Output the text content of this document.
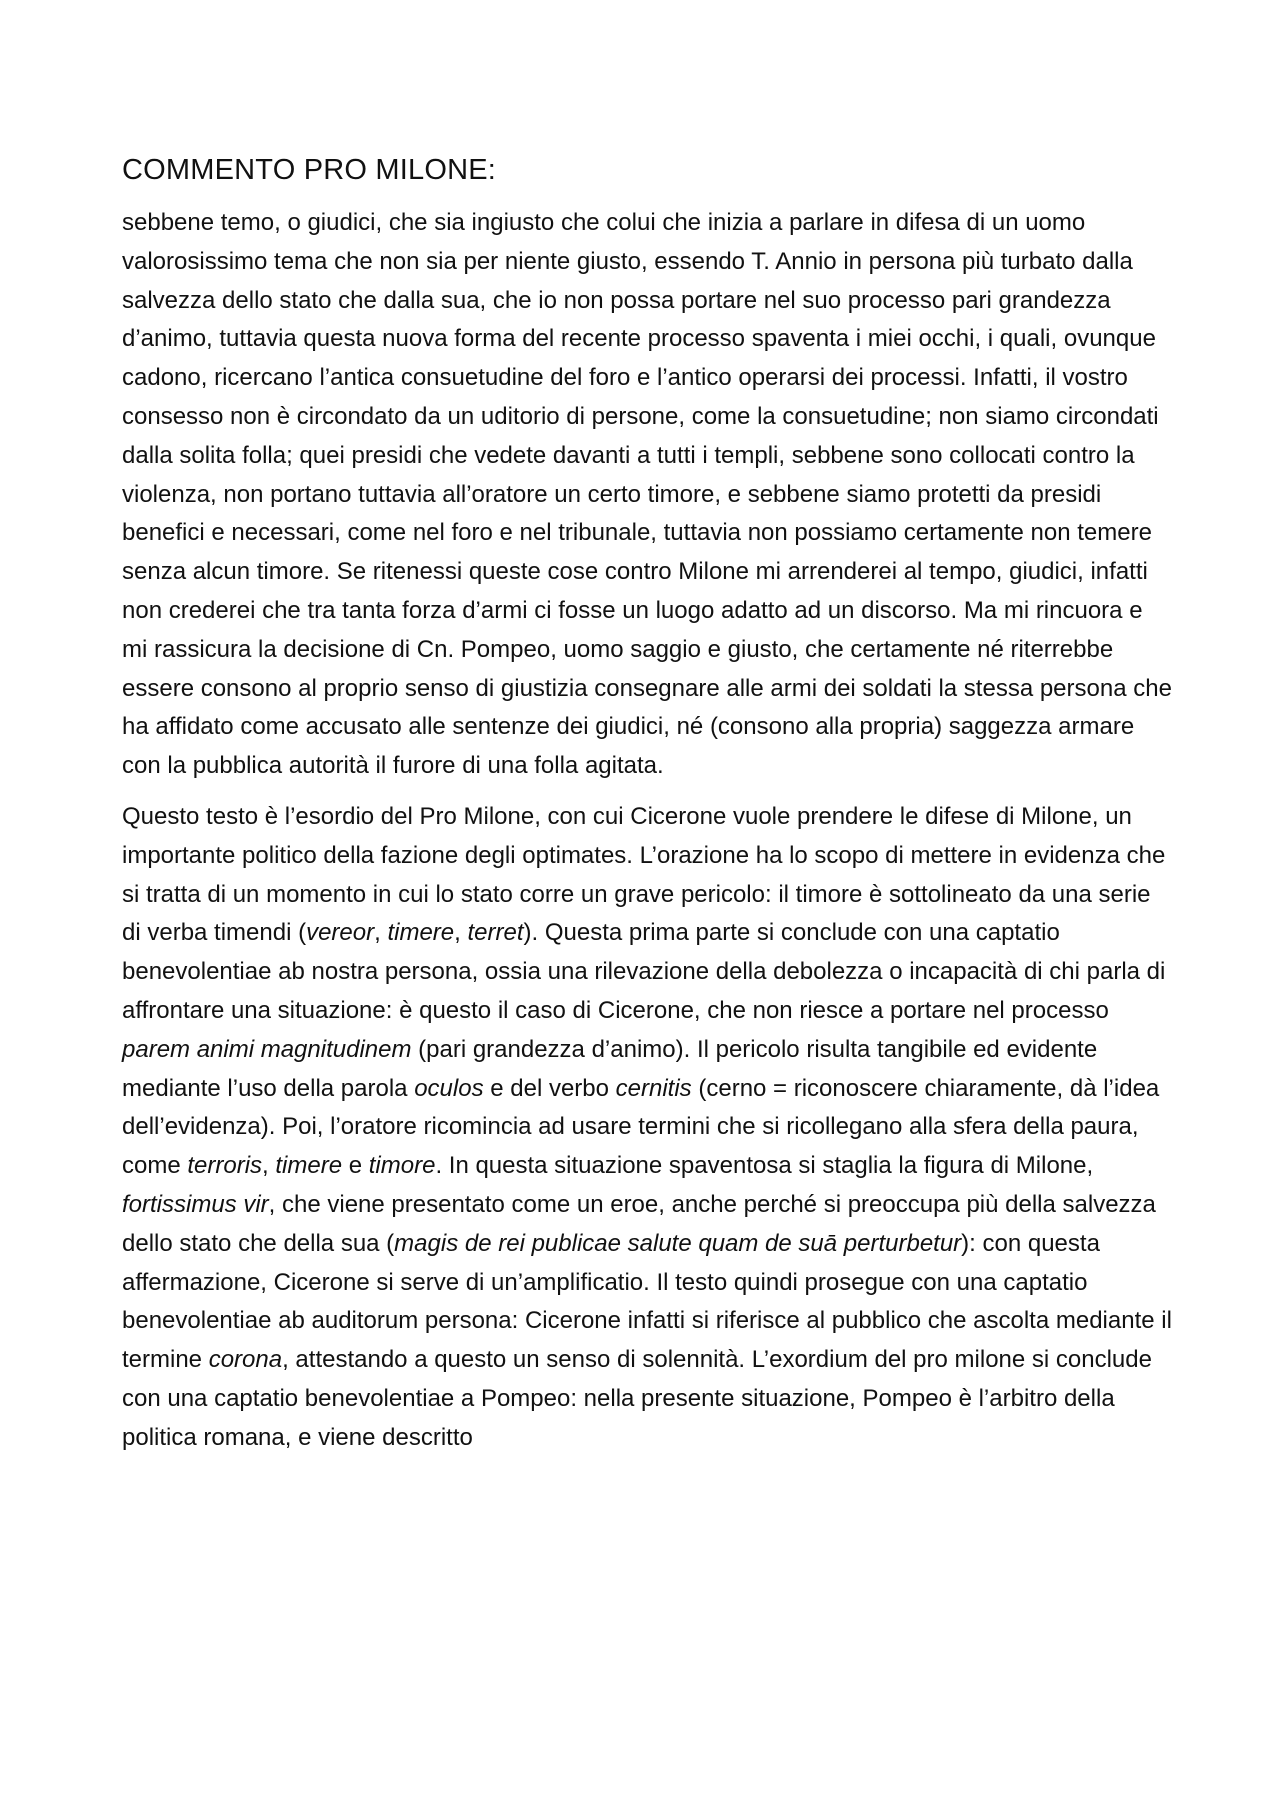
COMMENTO PRO MILONE:

sebbene temo, o giudici, che sia ingiusto che colui che inizia a parlare in difesa di un uomo valorosissimo tema che non sia per niente giusto, essendo T. Annio in persona più turbato dalla salvezza dello stato che dalla sua, che io non possa portare nel suo processo pari grandezza d’animo, tuttavia questa nuova forma del recente processo spaventa i miei occhi, i quali, ovunque cadono, ricercano l’antica consuetudine del foro e l’antico operarsi dei processi. Infatti, il vostro consesso non è circondato da un uditorio di persone, come la consuetudine; non siamo circondati dalla solita folla; quei presidi che vedete davanti a tutti i templi, sebbene sono collocati contro la violenza, non portano tuttavia all’oratore un certo timore, e sebbene siamo protetti da presidi benefici e necessari, come nel foro e nel tribunale, tuttavia non possiamo certamente non temere senza alcun timore. Se ritenessi queste cose contro Milone mi arrenderei al tempo, giudici, infatti non crederei che tra tanta forza d’armi ci fosse un luogo adatto ad un discorso. Ma mi rincuora e mi rassicura la decisione di Cn. Pompeo, uomo saggio e giusto, che certamente né riterrebbe essere consono al proprio senso di giustizia consegnare alle armi dei soldati la stessa persona che ha affidato come accusato alle sentenze dei giudici, né (consono alla propria) saggezza armare con la pubblica autorità il furore di una folla agitata.

Questo testo è l’esordio del Pro Milone, con cui Cicerone vuole prendere le difese di Milone, un importante politico della fazione degli optimates. L’orazione ha lo scopo di mettere in evidenza che si tratta di un momento in cui lo stato corre un grave pericolo: il timore è sottolineato da una serie di verba timendi (vereor, timere, terret). Questa prima parte si conclude con una captatio benevolentiae ab nostra persona, ossia una rilevazione della debolezza o incapacità di chi parla di affrontare una situazione: è questo il caso di Cicerone, che non riesce a portare nel processo parem animi magnitudinem (pari grandezza d’animo). Il pericolo risulta tangibile ed evidente mediante l’uso della parola oculos e del verbo cernitis (cerno = riconoscere chiaramente, dà l’idea dell’evidenza). Poi, l’oratore ricomincia ad usare termini che si ricollegano alla sfera della paura, come terroris, timere e timore. In questa situazione spaventosa si staglia la figura di Milone, fortissimus vir, che viene presentato come un eroe, anche perché si preoccupa più della salvezza dello stato che della sua (magis de rei publicae salute quam de suā perturbetur): con questa affermazione, Cicerone si serve di un’amplificatio. Il testo quindi prosegue con una captatio benevolentiae ab auditorum persona: Cicerone infatti si riferisce al pubblico che ascolta mediante il termine corona, attestando a questo un senso di solennità. L’exordium del pro milone si conclude con una captatio benevolentiae a Pompeo: nella presente situazione, Pompeo è l’arbitro della politica romana, e viene descritto
